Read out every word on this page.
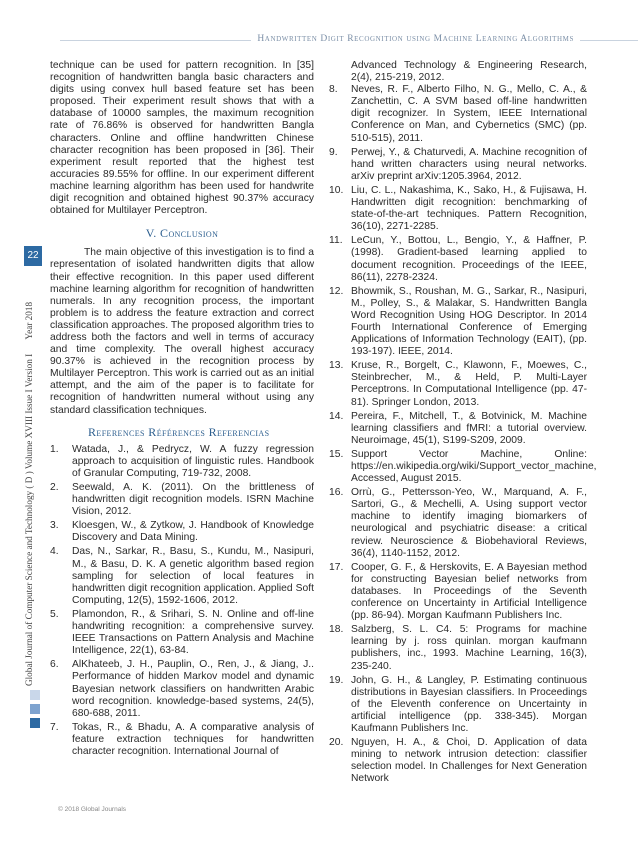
Handwritten Digit Recognition using Machine Learning Algorithms
Global Journal of Computer Science and Technology ( D ) Volume XVIII Issue I Version I  Year 2018
22

technique can be used for pattern recognition. In [35] recognition of handwritten bangla basic characters and digits using convex hull based feature set has been proposed. Their experiment result shows that with a database of 10000 samples, the maximum recognition rate of 76.86% is observed for handwritten Bangla characters. Online and offline handwritten Chinese character recognition has been proposed in [36]. Their experiment result reported that the highest test accuracies 89.55% for offline. In our experiment different machine learning algorithm has been used for handwrite digit recognition and obtained highest 90.37% accuracy obtained for Multilayer Perceptron.

V. Conclusion

The main objective of this investigation is to find a representation of isolated handwritten digits that allow their effective recognition. In this paper used different machine learning algorithm for recognition of handwritten numerals. In any recognition process, the important problem is to address the feature extraction and correct classification approaches. The proposed algorithm tries to address both the factors and well in terms of accuracy and time complexity. The overall highest accuracy 90.37% is achieved in the recognition process by Multilayer Perceptron. This work is carried out as an initial attempt, and the aim of the paper is to facilitate for recognition of handwritten numeral without using any standard classification techniques.

References Références Referencias
1.	Watada, J., & Pedrycz, W. A fuzzy regression approach to acquisition of linguistic rules. Handbook of Granular Computing, 719-732, 2008.
2.	Seewald, A. K. (2011). On the brittleness of handwritten digit recognition models. ISRN Machine Vision, 2012.
3.	Kloesgen, W., & Zytkow, J. Handbook of Knowledge Discovery and Data Mining.
4.	Das, N., Sarkar, R., Basu, S., Kundu, M., Nasipuri, M., & Basu, D. K. A genetic algorithm based region sampling for selection of local features in handwritten digit recognition application. Applied Soft Computing, 12(5), 1592-1606, 2012.
5.	Plamondon, R., & Srihari, S. N. Online and off-line handwriting recognition: a comprehensive survey. IEEE Transactions on Pattern Analysis and Machine Intelligence, 22(1), 63-84.
6.	AlKhateeb, J. H., Pauplin, O., Ren, J., & Jiang, J.. Performance of hidden Markov model and dynamic Bayesian network classifiers on handwritten Arabic word recognition. knowledge-based systems, 24(5), 680-688, 2011.
7.	Tokas, R., & Bhadu, A. A comparative analysis of feature extraction techniques for handwritten character recognition. International Journal of

Advanced Technology & Engineering Research, 2(4), 215-219, 2012.

8.	Neves, R. F., Alberto Filho, N. G., Mello, C. A., & Zanchettin, C. A SVM based off-line handwritten digit recognizer. In System, IEEE International Conference on Man, and Cybernetics (SMC) (pp. 510-515), 2011.
9.	Perwej, Y., & Chaturvedi, A. Machine recognition of hand written characters using neural networks. arXiv preprint arXiv:1205.3964, 2012.
10. Liu, C. L., Nakashima, K., Sako, H., & Fujisawa, H. Handwritten digit recognition: benchmarking of state-of-the-art techniques. Pattern Recognition, 36(10), 2271-2285.
11. LeCun, Y., Bottou, L., Bengio, Y., & Haffner, P. (1998). Gradient-based learning applied to document recognition. Proceedings of the IEEE, 86(11), 2278-2324.
12. Bhowmik, S., Roushan, M. G., Sarkar, R., Nasipuri, M., Polley, S., & Malakar, S. Handwritten Bangla Word Recognition Using HOG Descriptor. In 2014 Fourth International Conference of Emerging Applications of Information Technology (EAIT), (pp. 193-197). IEEE, 2014.
13. Kruse, R., Borgelt, C., Klawonn, F., Moewes, C., Steinbrecher, M., & Held, P. Multi-Layer Perceptrons. In Computational Intelligence (pp. 47-81). Springer London, 2013.
14. Pereira, F., Mitchell, T., & Botvinick, M. Machine learning classifiers and fMRI: a tutorial overview. Neuroimage, 45(1), S199-S209, 2009.
15. Support Vector Machine, Online: https://en.wikipedia.org/wiki/Support_vector_machine, Accessed, August 2015.
16. Orrù, G., Pettersson-Yeo, W., Marquand, A. F., Sartori, G., & Mechelli, A. Using support vector machine to identify imaging biomarkers of neurological and psychiatric disease: a critical review. Neuroscience & Biobehavioral Reviews, 36(4), 1140-1152, 2012.
17. Cooper, G. F., & Herskovits, E. A Bayesian method for constructing Bayesian belief networks from databases. In Proceedings of the Seventh conference on Uncertainty in Artificial Intelligence (pp. 86-94). Morgan Kaufmann Publishers Inc.
18. Salzberg, S. L. C4. 5: Programs for machine learning by j. ross quinlan. morgan kaufmann publishers, inc., 1993. Machine Learning, 16(3), 235-240.
19. John, G. H., & Langley, P. Estimating continuous distributions in Bayesian classifiers. In Proceedings of the Eleventh conference on Uncertainty in artificial intelligence (pp. 338-345). Morgan Kaufmann Publishers Inc.
20. Nguyen, H. A., & Choi, D. Application of data mining to network intrusion detection: classifier selection model. In Challenges for Next Generation Network
© 2018 Global Journals
